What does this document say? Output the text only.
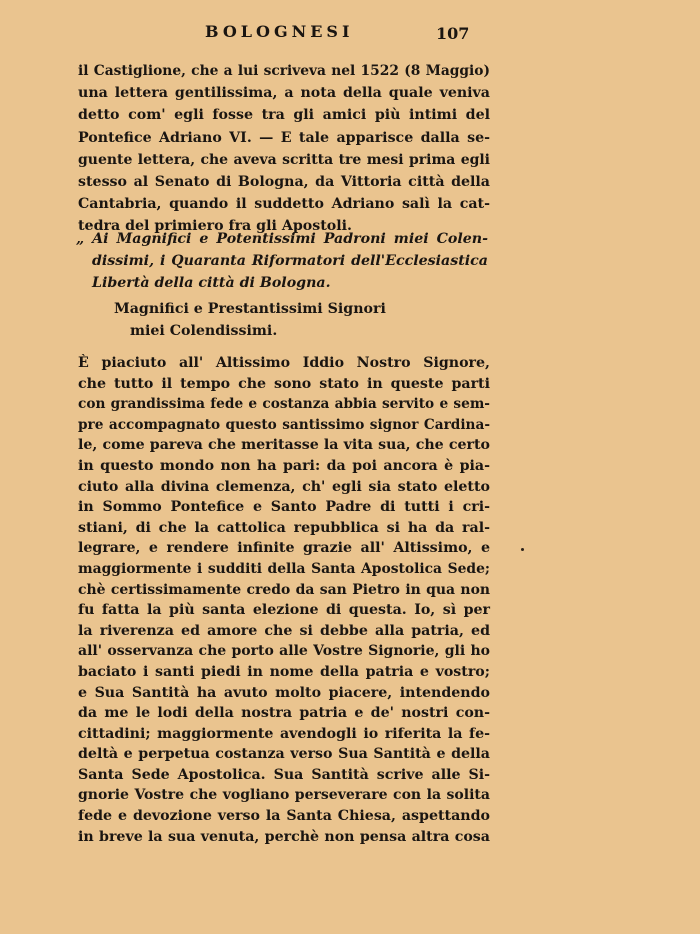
BOLOGNESI	107
il Castiglione, che a lui scriveva nel 1522 (8 Maggio)
una lettera gentilissima, a nota della quale veniva
detto com' egli fosse tra gli amici più intimi del
Pontefice Adriano VI. — E tale apparisce dalla se-
guente lettera, che aveva scritta tre mesi prima egli
stesso al Senato di Bologna, da Vittoria città della
Cantabria, quando il suddetto Adriano salì la cat-
tedra del primiero fra gli Apostoli.
„ Ai Magnifici e Potentissimi Padroni miei Colen-
dissimi, i Quaranta Riformatori dell'Ecclesiastica
Libertà della città di Bologna.
Magnifici e Prestantissimi Signori
miei Colendissimi.
È piaciuto all' Altissimo Iddio Nostro Signore,
che tutto il tempo che sono stato in queste parti
con grandissima fede e costanza abbia servito e sem-
pre accompagnato questo santissimo signor Cardina-
le, come pareva che meritasse la vita sua, che certo
in questo mondo non ha pari: da poi ancora è pia-
ciuto alla divina clemenza, ch' egli sia stato eletto
in Sommo Pontefice e Santo Padre di tutti i cri-
stiani, di che la cattolica repubblica si ha da ral-
legrare, e rendere infinite grazie all' Altissimo, e
maggiormente i sudditi della Santa Apostolica Sede;
chè certissimamente credo da san Pietro in qua non
fu fatta la più santa elezione di questa. Io, sì per
la riverenza ed amore che si debbe alla patria, ed
all' osservanza che porto alle Vostre Signorie, gli ho
baciato i santi piedi in nome della patria e vostro;
e Sua Santità ha avuto molto piacere, intendendo
da me le lodi della nostra patria e de' nostri con-
cittadini; maggiormente avendogli io riferita la fe-
deltà e perpetua costanza verso Sua Santità e della
Santa Sede Apostolica. Sua Santità scrive alle Si-
gnorie Vostre che vogliano perseverare con la solita
fede e devozione verso la Santa Chiesa, aspettando
in breve la sua venuta, perchè non pensa altra cosa
